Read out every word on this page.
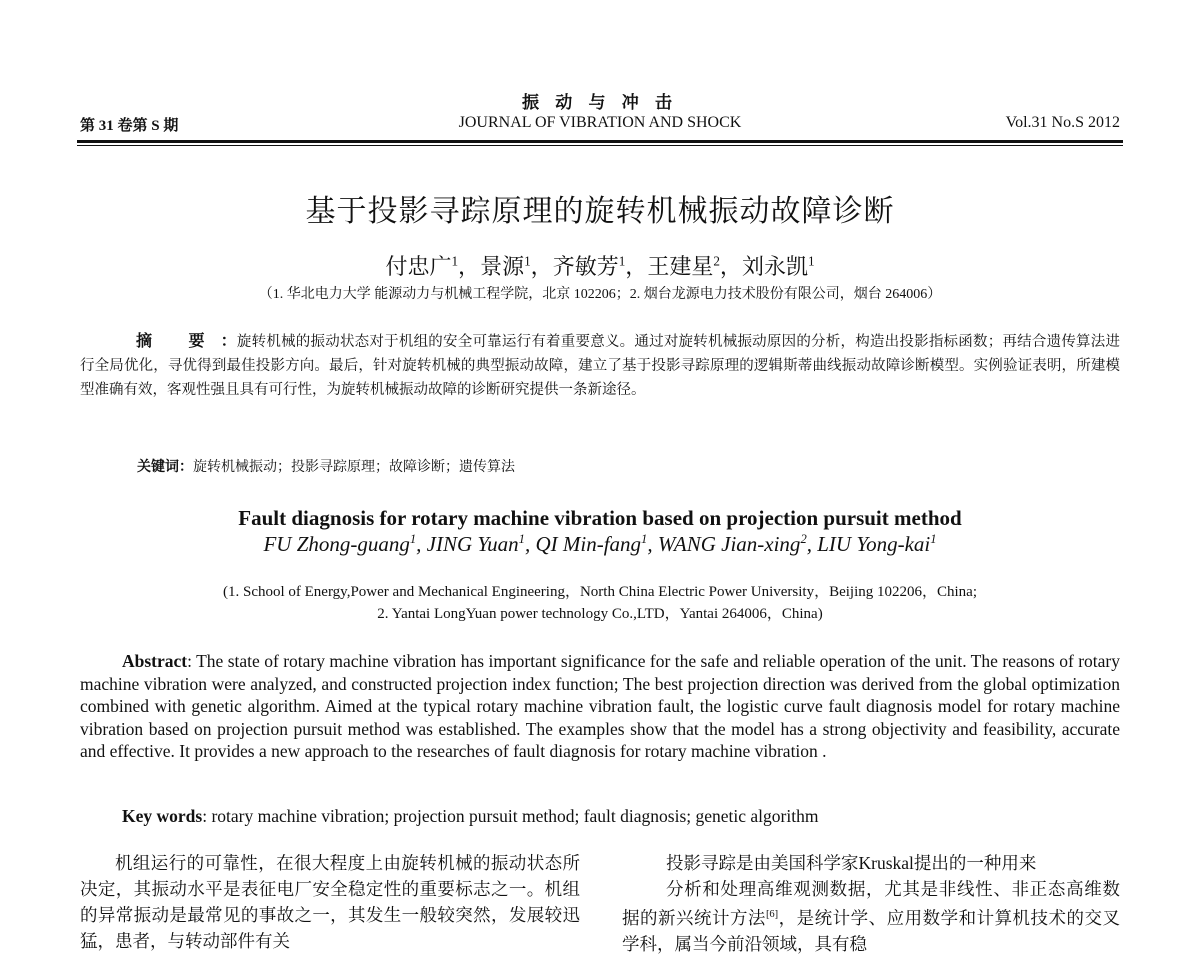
振 动 与 冲 击
第 31 卷第 S 期	JOURNAL OF VIBRATION AND SHOCK	Vol.31 No.S 2012
基于投影寻踪原理的旋转机械振动故障诊断
付忠广$^1$，景源$^1$，齐敏芳$^1$，王建星$^2$，刘永凯$^1$
（1. 华北电力大学 能源动力与机械工程学院，北京 102206；2. 烟台龙源电力技术股份有限公司，烟台 264006）
摘 要：旋转机械的振动状态对于机组的安全可靠运行有着重要意义。通过对旋转机械振动原因的分析，构造出投影指标函数；再结合遗传算法进行全局优化，寻优得到最佳投影方向。最后，针对旋转机械的典型振动故障，建立了基于投影寻踪原理的逻辑斯蒂曲线振动故障诊断模型。实例验证表明，所建模型准确有效，客观性强且具有可行性，为旋转机械振动故障的诊断研究提供一条新途径。
关键词：旋转机械振动；投影寻踪原理；故障诊断；遗传算法
Fault diagnosis for rotary machine vibration based on projection pursuit method
FU Zhong-guang$^1$, JING Yuan$^1$, QI Min-fang$^1$, WANG Jian-xing$^2$, LIU Yong-kai$^1$
(1. School of Energy,Power and Mechanical Engineering，North China Electric Power University，Beijing 102206，China;
2. Yantai LongYuan power technology Co.,LTD，Yantai 264006，China)
Abstract: The state of rotary machine vibration has important significance for the safe and reliable operation of the unit. The reasons of rotary machine vibration were analyzed, and constructed projection index function; The best projection direction was derived from the global optimization combined with genetic algorithm. Aimed at the typical rotary machine vibration fault, the logistic curve fault diagnosis model for rotary machine vibration based on projection pursuit method was established. The examples show that the model has a strong objectivity and feasibility, accurate and effective. It provides a new approach to the researches of fault diagnosis for rotary machine vibration .
Key words: rotary machine vibration; projection pursuit method; fault diagnosis; genetic algorithm
机组运行的可靠性，在很大程度上由旋转机械的振动状态所决定，其振动水平是表征电厂安全稳定性的重要标志之一。机组的异常振动是最常见的事故之一，其发生一般较突然，发展较迅猛，患者，与转动部件有关

投影寻踪是由美国科学家Kruskal提出的一种用来

分析和处理高维观测数据，尤其是非线性、非正态高维数据的新兴统计方法[6]，是统计学、应用数学和计算机技术的交叉学科，属当今前沿领域，具有稳
